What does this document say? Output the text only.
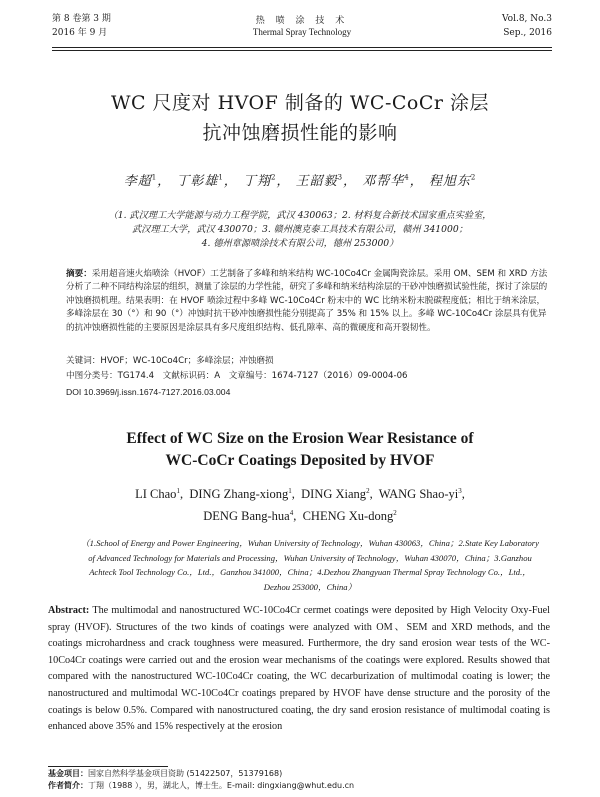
第 8 卷第 3 期	Vol.8, No.3
2016 年 9 月	Sep., 2016
热 喷 涂 技 术
Thermal Spray Technology
WC 尺度对 HVOF 制备的 WC-CoCr 涂层
抗冲蚀磨损性能的影响
李超$^1$， 丁彰雄$^1$， 丁翔$^2$， 王韶毅$^3$， 邓帮华$^4$， 程旭东$^2$
（1. 武汉理工大学能源与动力工程学院，武汉 430063；2. 材料复合新技术国家重点实验室，
武汉理工大学，武汉 430070；3. 赣州澳克泰工具技术有限公司，赣州 341000；
4. 德州章源喷涂技术有限公司，德州 253000）
摘要：采用超音速火焰喷涂（HVOF）工艺制备了多峰和纳米结构 WC-10Co4Cr 金属陶瓷涂层。采用 OM、SEM 和 XRD 方法分析了二种不同结构涂层的组织，测量了涂层的力学性能，研究了多峰和纳米结构涂层的干砂冲蚀磨损试验性能，探讨了涂层的冲蚀磨损机理。结果表明：在 HVOF 喷涂过程中多峰 WC-10Co4Cr 粉末中的 WC 比纳米粉末脱碳程度低；相比于纳米涂层，多峰涂层在 30（°）和 90（°）冲蚀时抗干砂冲蚀磨损性能分别提高了 35% 和 15% 以上。多峰 WC-10Co4Cr 涂层具有优异的抗冲蚀磨损性能的主要原因是涂层具有多尺度组织结构、低孔隙率、高的微硬度和高开裂韧性。
关键词：HVOF；WC-10Co4Cr；多峰涂层；冲蚀磨损
中图分类号：TG174.4　文献标识码：A　文章编号：1674-7127（2016）09-0004-06
DOI 10.3969/j.issn.1674-7127.2016.03.004
Effect of WC Size on the Erosion Wear Resistance of
WC-CoCr Coatings Deposited by HVOF
LI Chao$^1$,  DING Zhang-xiong$^1$,  DING Xiang$^2$,  WANG Shao-$yi^3$,
DENG Bang-hua$^4$,  CHENG Xu-dong$^2$
（1.School of Energy and Power Engineering，Wuhan University of Technology，Wuhan 430063，China；2.State Key Laboratory
of Advanced Technology for Materials and Processing，Wuhan University of Technology，Wuhan 430070，China；3.Ganzhou
Achteck Tool Technology Co.，Ltd.，Ganzhou 341000，China；4.Dezhou Zhangyuan Thermal Spray Technology Co.，Ltd.，
Dezhou 253000，China）
Abstract: The multimodal and nanostructured WC-10Co4Cr cermet coatings were deposited by High Velocity Oxy-Fuel spray (HVOF). Structures of the two kinds of coatings were analyzed with OM、SEM and XRD methods, and the coatings microhardness and crack toughness were measured. Furthermore, the dry sand erosion wear tests of the WC-10Co4Cr coatings were carried out and the erosion wear mechanisms of the coatings were explored. Results showed that compared with the nanostructured WC-10Co4Cr coating, the WC decarburization of multimodal coating is lower; the nanostructured and multimodal WC-10Co4Cr coatings prepared by HVOF have dense structure and the porosity of the coatings is below 0.5%. Compared with nanostructured coating, the dry sand erosion resistance of multimodal coating is enhanced above 35% and 15% respectively at the erosion
基金项目：国家自然科学基金项目资助 (51422507，51379168)
作者简介：丁翔（1988 ），男，湖北人，博士生。E-mail: dingxiang@whut.edu.cn
